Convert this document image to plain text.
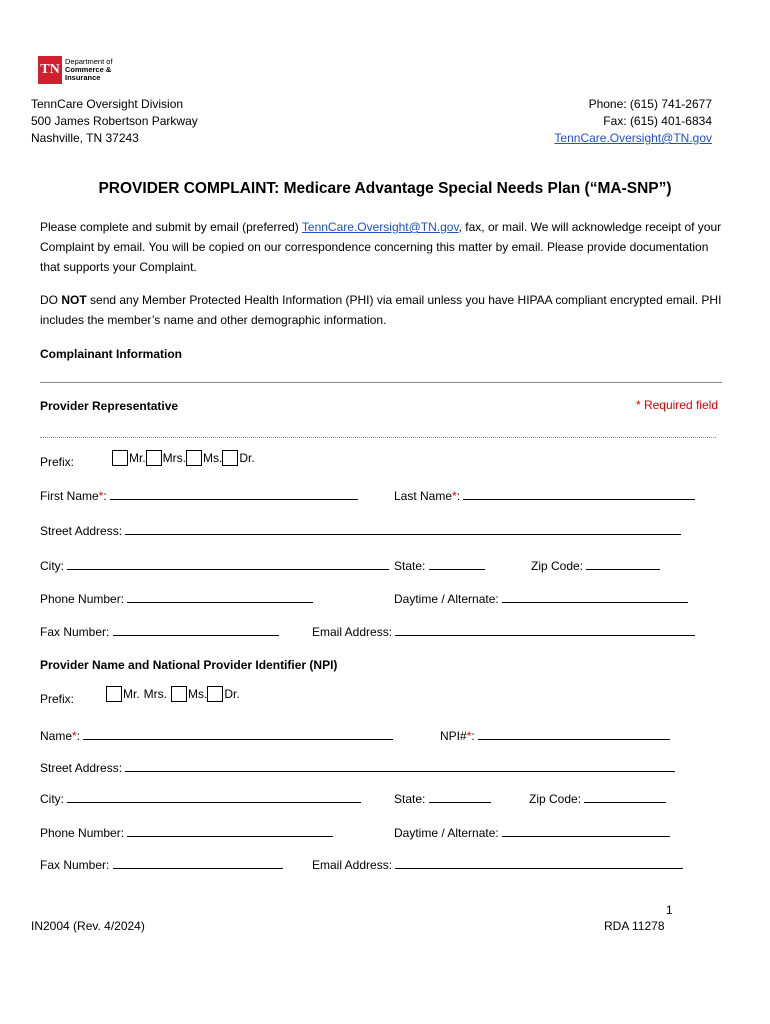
TN
Department of
Commerce &
Insurance
TennCare Oversight Division
500 James Robertson Parkway
Nashville, TN 37243
Phone: (615) 741-2677
Fax: (615) 401-6834
TennCare.Oversight@TN.gov
PROVIDER COMPLAINT: Medicare Advantage Special Needs Plan (“MA-SNP”)
Please complete and submit by email (preferred) TennCare.Oversight@TN.gov, fax, or mail. We will acknowledge receipt of your Complaint by email. You will be copied on our correspondence concerning this matter by email. Please provide documentation that supports your Complaint.
DO NOT send any Member Protected Health Information (PHI) via email unless you have HIPAA compliant encrypted email. PHI includes the member’s name and other demographic information.
Complainant Information
Provider Representative	* Required field
Prefix:	Mr. Mrs. Ms. Dr.
First Name*:	Last Name*:
Street Address:
City:	State:	Zip Code:
Phone Number:	Daytime / Alternate:
Fax Number:	Email Address:
Provider Name and National Provider Identifier (NPI)
Prefix:	Mr. Mrs. Ms. Dr.
Name*:	NPI#*:
Street Address:
City:	State:	Zip Code:
Phone Number:	Daytime / Alternate:
Fax Number:	Email Address:
1
IN2004 (Rev. 4/2024)	RDA 11278
